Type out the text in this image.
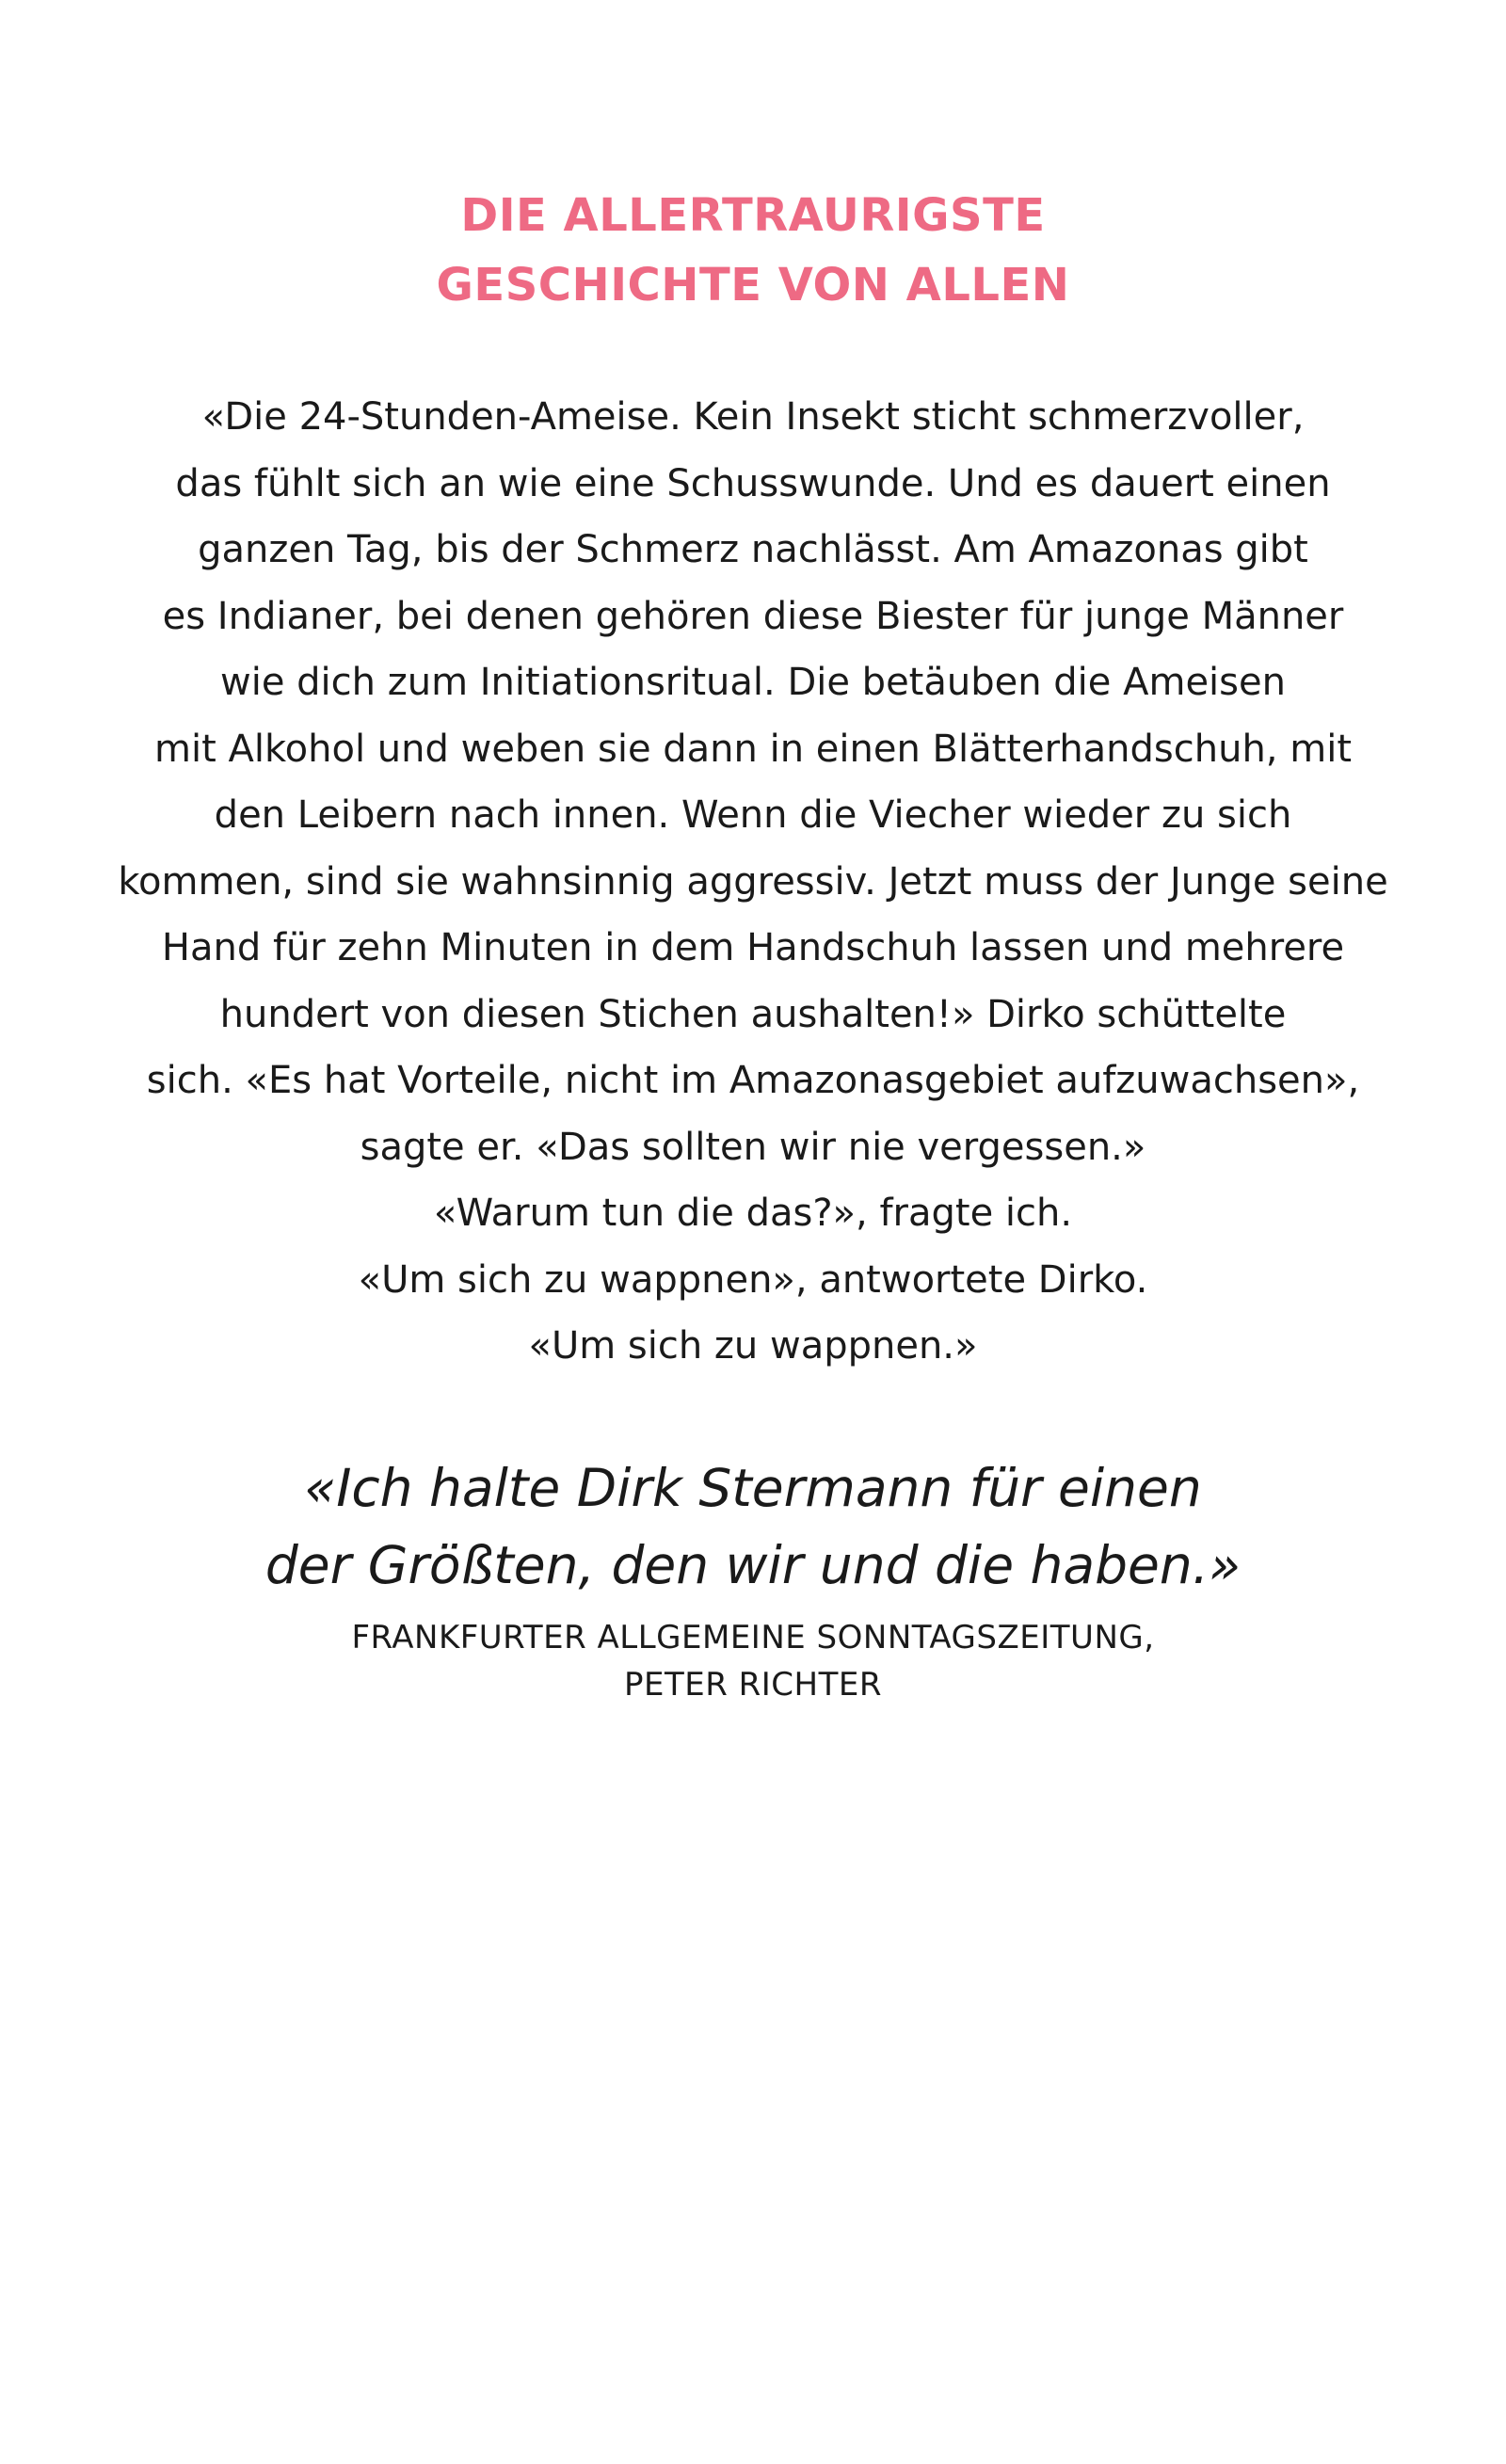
DIE ALLERTRAURIGSTE
GESCHICHTE VON ALLEN

«Die 24-Stunden-Ameise. Kein Insekt sticht schmerzvoller,
das fühlt sich an wie eine Schusswunde. Und es dauert einen
ganzen Tag, bis der Schmerz nachlässt. Am Amazonas gibt
es Indianer, bei denen gehören diese Biester für junge Männer
wie dich zum Initiationsritual. Die betäuben die Ameisen
mit Alkohol und weben sie dann in einen Blätterhandschuh, mit
den Leibern nach innen. Wenn die Viecher wieder zu sich
kommen, sind sie wahnsinnig aggressiv. Jetzt muss der Junge seine
Hand für zehn Minuten in dem Handschuh lassen und mehrere
hundert von diesen Stichen aushalten!» Dirko schüttelte
sich. «Es hat Vorteile, nicht im Amazonasgebiet aufzuwachsen»,
sagte er. «Das sollten wir nie vergessen.»
«Warum tun die das?», fragte ich.
«Um sich zu wappnen», antwortete Dirko.
«Um sich zu wappnen.»

«Ich halte Dirk Stermann für einen
der Größten, den wir und die haben.»

FRANKFURTER ALLGEMEINE SONNTAGSZEITUNG,
PETER RICHTER
